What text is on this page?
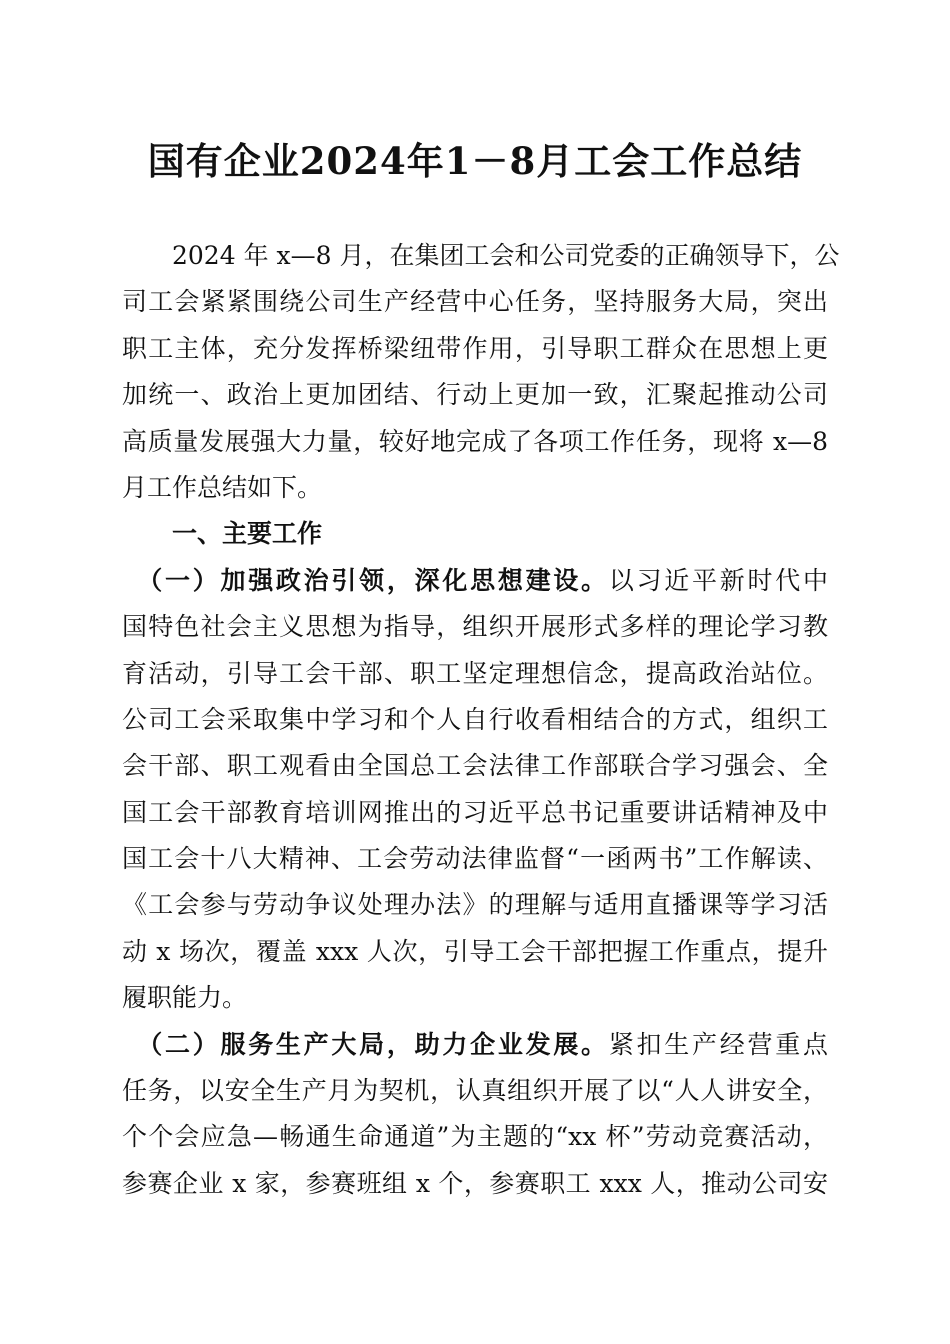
国有企业2024年1－8月工会工作总结
　　2024 年 x—8 月，在集团工会和公司党委的正确领导下，公
司工会紧紧围绕公司生产经营中心任务，坚持服务大局，突出
职工主体，充分发挥桥梁纽带作用，引导职工群众在思想上更
加统一、政治上更加团结、行动上更加一致，汇聚起推动公司
高质量发展强大力量，较好地完成了各项工作任务，现将 x—8
月工作总结如下。
　　一、主要工作
　（一）加强政治引领，深化思想建设。以习近平新时代中
国特色社会主义思想为指导，组织开展形式多样的理论学习教
育活动，引导工会干部、职工坚定理想信念，提高政治站位。
公司工会采取集中学习和个人自行收看相结合的方式，组织工
会干部、职工观看由全国总工会法律工作部联合学习强会、全
国工会干部教育培训网推出的习近平总书记重要讲话精神及中
国工会十八大精神、工会劳动法律监督“一函两书”工作解读、
《工会参与劳动争议处理办法》的理解与适用直播课等学习活
动 x 场次，覆盖 xxx 人次，引导工会干部把握工作重点，提升
履职能力。
　（二）服务生产大局，助力企业发展。紧扣生产经营重点
任务，以安全生产月为契机，认真组织开展了以“人人讲安全，
个个会应急—畅通生命通道”为主题的“xx 杯”劳动竞赛活动，
参赛企业 x 家，参赛班组 x 个，参赛职工 xxx 人，推动公司安
